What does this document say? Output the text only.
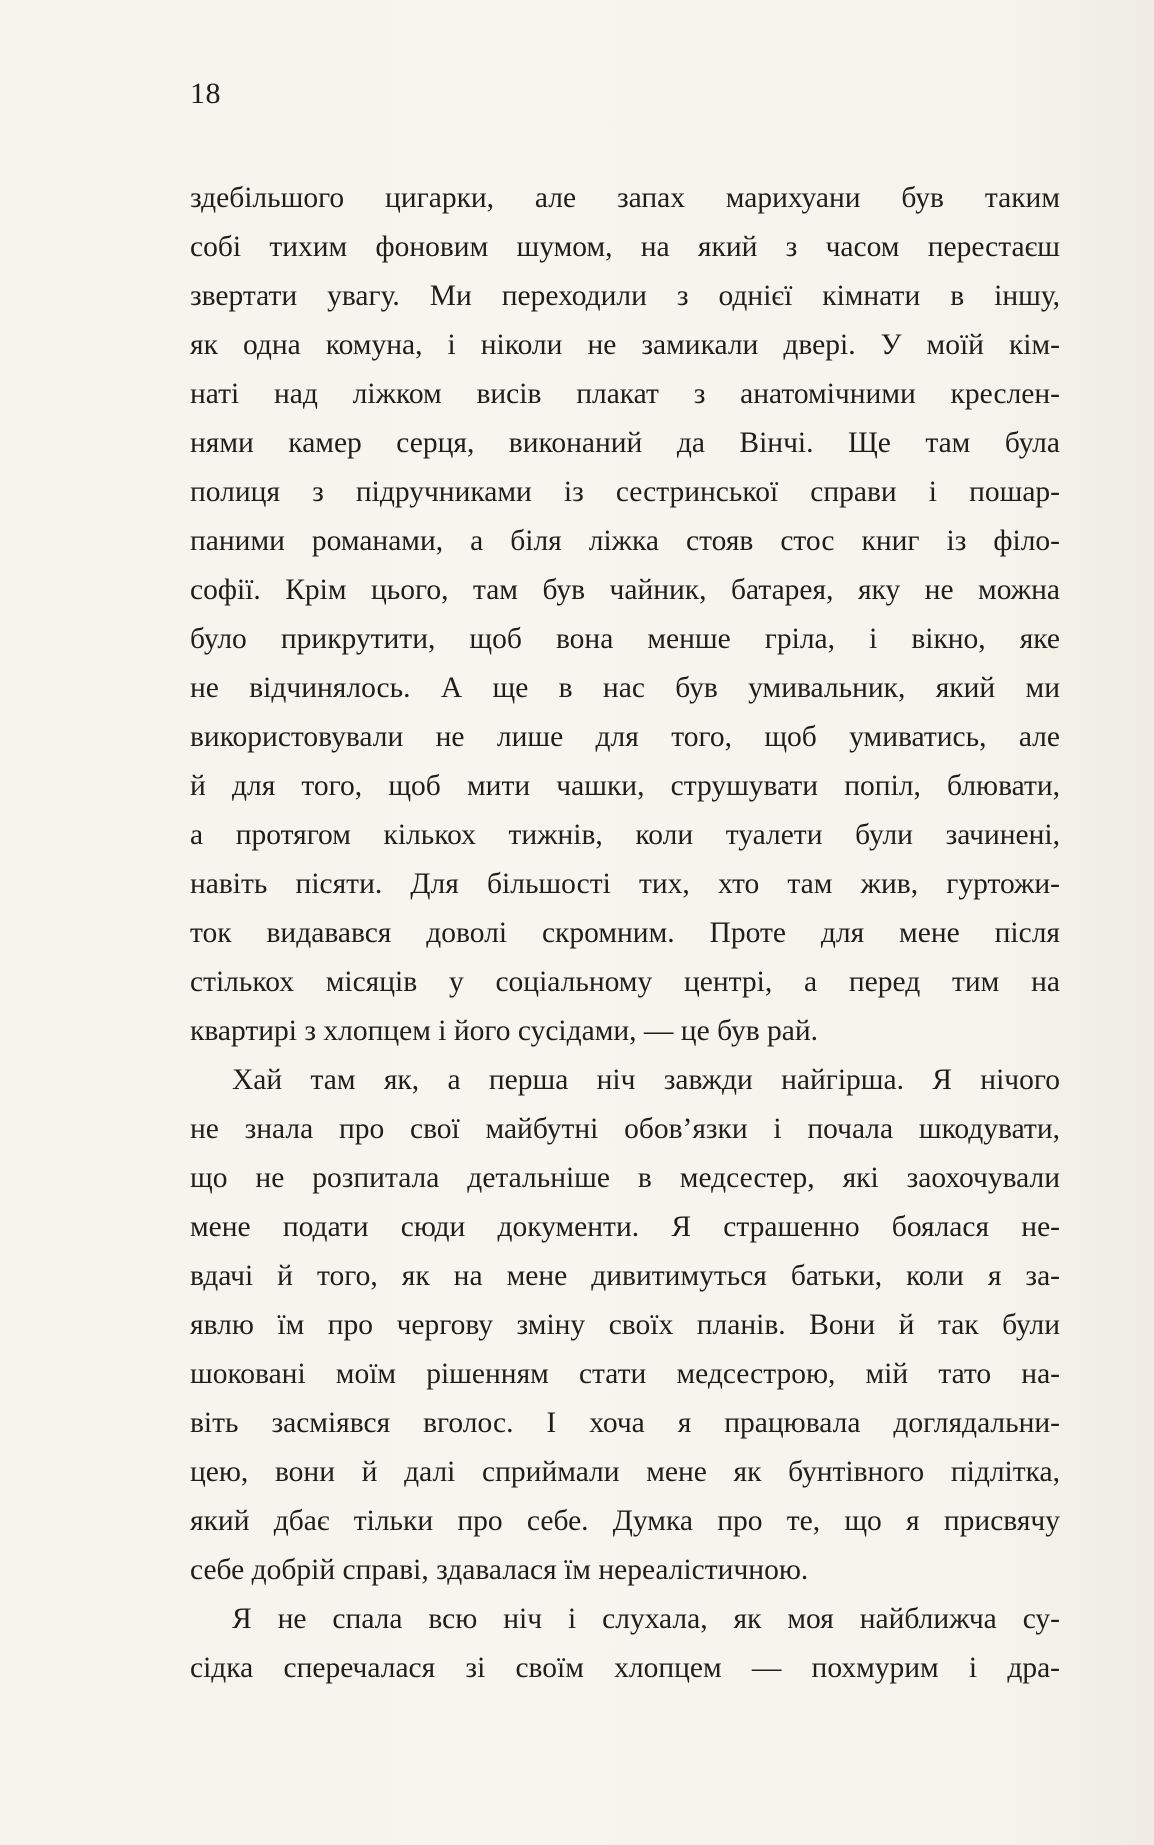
18

здебільшого цигарки, але запах марихуани був таким
собі тихим фоновим шумом, на який з часом перестаєш
звертати увагу. Ми переходили з однієї кімнати в іншу,
як одна комуна, і ніколи не замикали двері. У моїй кім-
наті над ліжком висів плакат з анатомічними креслен-
нями камер серця, виконаний да Вінчі. Ще там була
полиця з підручниками із сестринської справи і пошар-
паними романами, а біля ліжка стояв стос книг із філо-
софії. Крім цього, там був чайник, батарея, яку не можна
було прикрутити, щоб вона менше гріла, і вікно, яке
не відчинялось. А ще в нас був умивальник, який ми
використовували не лише для того, щоб умиватись, але
й для того, щоб мити чашки, струшувати попіл, блювати,
а протягом кількох тижнів, коли туалети були зачинені,
навіть пісяти. Для більшості тих, хто там жив, гуртожи-
ток видавався доволі скромним. Проте для мене після
стількох місяців у соціальному центрі, а перед тим на
квартирі з хлопцем і його сусідами, — це був рай.
Хай там як, а перша ніч завжди найгірша. Я нічого
не знала про свої майбутні обов’язки і почала шкодувати,
що не розпитала детальніше в медсестер, які заохочували
мене подати сюди документи. Я страшенно боялася не-
вдачі й того, як на мене дивитимуться батьки, коли я за-
явлю їм про чергову зміну своїх планів. Вони й так були
шоковані моїм рішенням стати медсестрою, мій тато на-
віть засміявся вголос. І хоча я працювала доглядальни-
цею, вони й далі сприймали мене як бунтівного підлітка,
який дбає тільки про себе. Думка про те, що я присвячу
себе добрій справі, здавалася їм нереалістичною.
Я не спала всю ніч і слухала, як моя найближча су-
сідка сперечалася зі своїм хлопцем — похмурим і дра-
